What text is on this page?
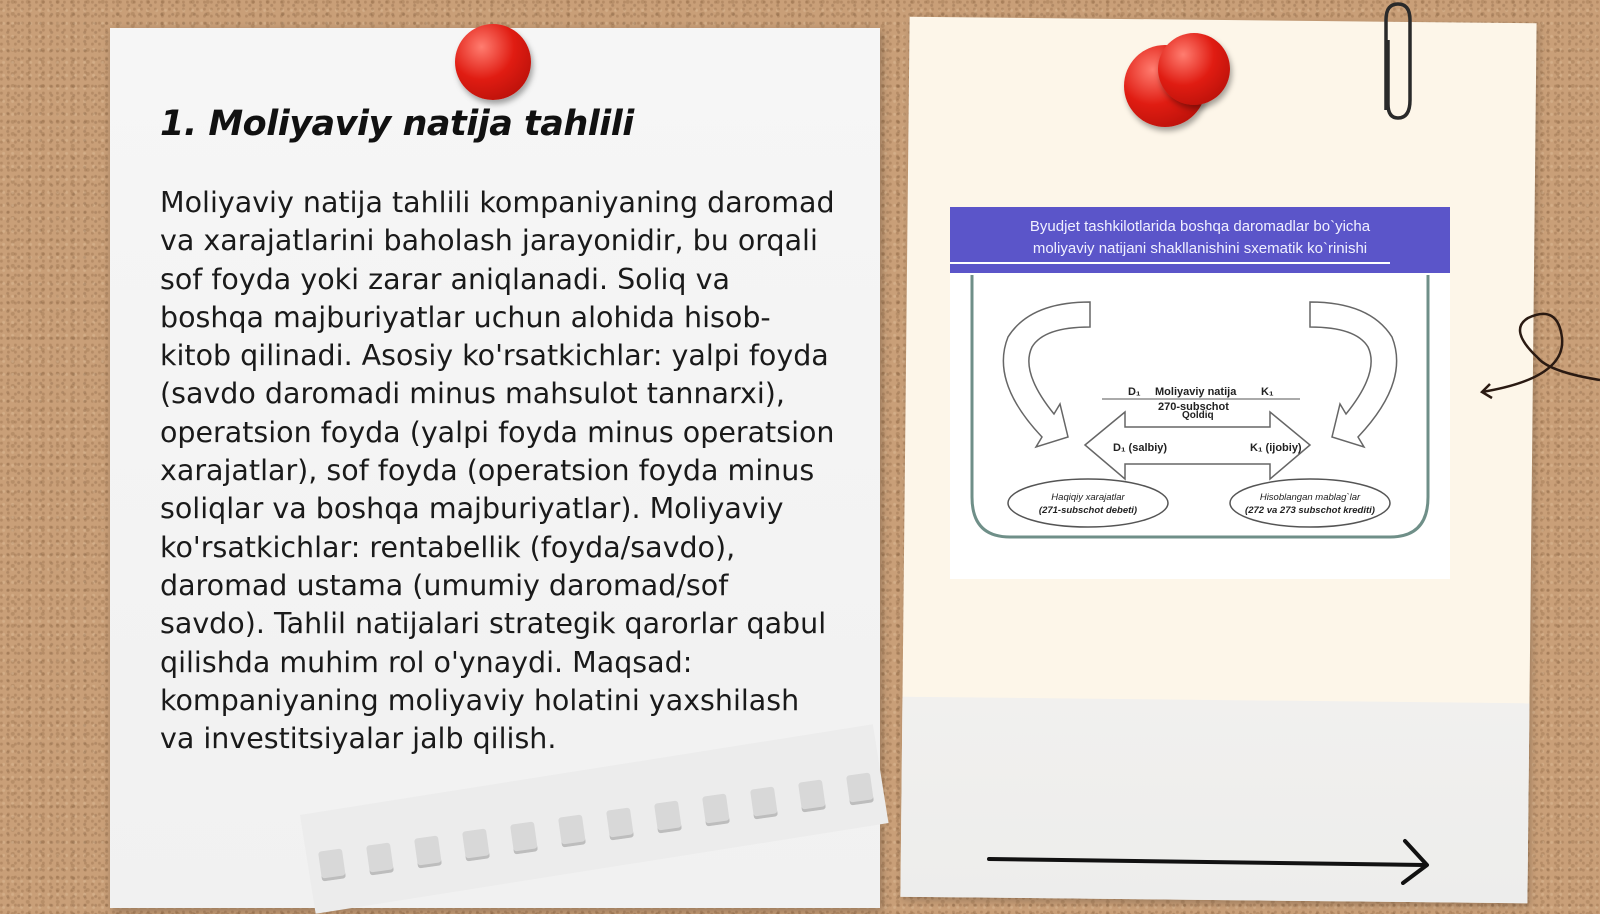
1. Moliyaviy natija tahlili

Moliyaviy natija tahlili kompaniyaning daromad va xarajatlarini baholash jarayonidir, bu orqali sof foyda yoki zarar aniqlanadi. Soliq va boshqa majburiyatlar uchun alohida hisob-kitob qilinadi. Asosiy ko'rsatkichlar: yalpi foyda (savdo daromadi minus mahsulot tannarxi), operatsion foyda (yalpi foyda minus operatsion xarajatlar), sof foyda (operatsion foyda minus soliqlar va boshqa majburiyatlar). Moliyaviy ko'rsatkichlar: rentabellik (foyda/savdo), daromad ustama (umumiy daromad/sof savdo). Tahlil natijalari strategik qarorlar qabul qilishda muhim rol o'ynaydi. Maqsad: kompaniyaning moliyaviy holatini yaxshilash va investitsiyalar jalb qilish.

Byudjet tashkilotlarida boshqa daromadlar bo`yicha
moliyaviy natijani shakllanishini sxematik ko`rinishi
D₁ Moliyaviy natija K₁
270-subschot
Qoldiq
D₁ (salbiy)	K₁ (ijobiy)
Haqiqiy xarajatlar
(271-subschot debeti)
Hisoblangan mablag`lar
(272 va 273 subschot krediti)
